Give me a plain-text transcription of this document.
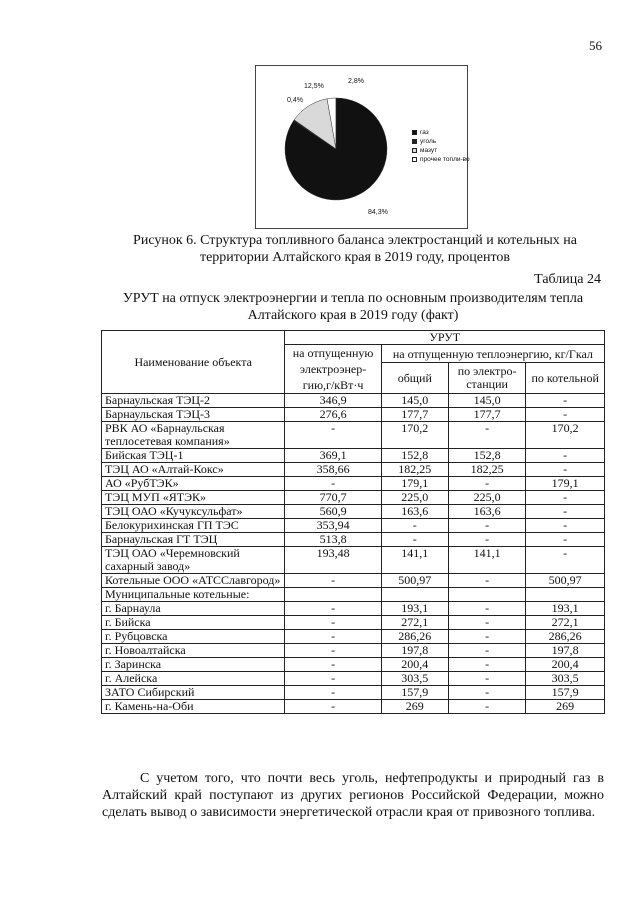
56
0,4%
12,5%
2,8%
84,3%
газ
уголь
мазут
прочее топли-во
Рисунок 6. Структура топливного баланса электростанций и котельных на территории Алтайского края в 2019 году, процентов
Таблица 24
УРУТ на отпуск электроэнергии и тепла по основным производителям тепла Алтайского края в 2019 году (факт)
Наименование объекта	УРУТ			
	на отпущенную электроэнер-гию,г/кВт·ч	на отпущенную теплоэнергию, кг/Гкал		
		общий	по электро-станции	по котельной
Барнаульская ТЭЦ-2	346,9	145,0	145,0	-
Барнаульская ТЭЦ-3	276,6	177,7	177,7	-
РВК АО «Барнаульская теплосетевая компания»	-	170,2	-	170,2
Бийская ТЭЦ-1	369,1	152,8	152,8	-
ТЭЦ АО «Алтай-Кокс»	358,66	182,25	182,25	-
АО «РубТЭК»	-	179,1	-	179,1
ТЭЦ МУП «ЯТЭК»	770,7	225,0	225,0	-
ТЭЦ ОАО «Кучуксульфат»	560,9	163,6	163,6	-
Белокурихинская ГП ТЭС	353,94	-	-	-
Барнаульская ГТ ТЭЦ	513,8	-	-	-
ТЭЦ ОАО «Черемновский сахарный завод»	193,48	141,1	141,1	-
Котельные ООО «АТССлавгород»	-	500,97	-	500,97
Муниципальные котельные:				
г. Барнаула	-	193,1	-	193,1
г. Бийска	-	272,1	-	272,1
г. Рубцовска	-	286,26	-	286,26
г. Новоалтайска	-	197,8	-	197,8
г. Заринска	-	200,4	-	200,4
г. Алейска	-	303,5	-	303,5
ЗАТО Сибирский	-	157,9	-	157,9
г. Камень-на-Оби	-	269	-	269
С учетом того, что почти весь уголь, нефтепродукты и природный газ в Алтайский край поступают из других регионов Российской Федерации, можно сделать вывод о зависимости энергетической отрасли края от привозного топлива.
